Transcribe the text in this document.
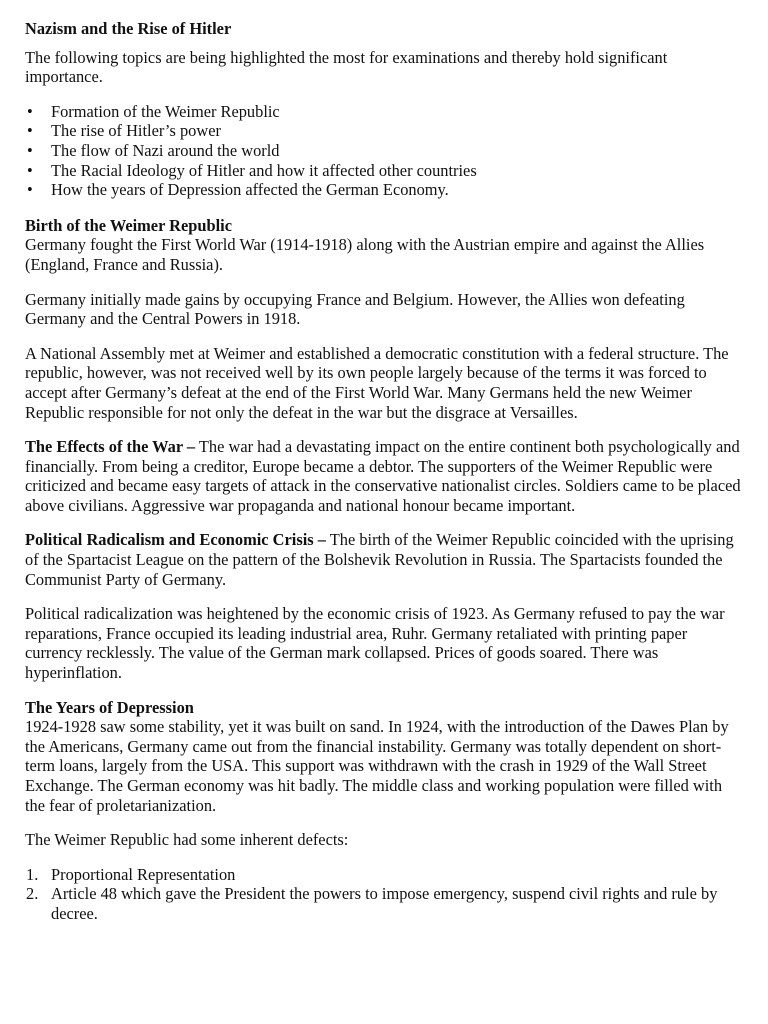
Nazism and the Rise of Hitler

The following topics are being highlighted the most for examinations and thereby hold significant importance.

• Formation of the Weimer Republic
• The rise of Hitler’s power
• The flow of Nazi around the world
• The Racial Ideology of Hitler and how it affected other countries
• How the years of Depression affected the German Economy.

Birth of the Weimer Republic
Germany fought the First World War (1914-1918) along with the Austrian empire and against the Allies (England, France and Russia).

Germany initially made gains by occupying France and Belgium. However, the Allies won defeating Germany and the Central Powers in 1918.

A National Assembly met at Weimer and established a democratic constitution with a federal structure. The republic, however, was not received well by its own people largely because of the terms it was forced to accept after Germany’s defeat at the end of the First World War. Many Germans held the new Weimer Republic responsible for not only the defeat in the war but the disgrace at Versailles.

The Effects of the War – The war had a devastating impact on the entire continent both psychologically and financially. From being a creditor, Europe became a debtor. The supporters of the Weimer Republic were criticized and became easy targets of attack in the conservative nationalist circles. Soldiers came to be placed above civilians. Aggressive war propaganda and national honour became important.

Political Radicalism and Economic Crisis – The birth of the Weimer Republic coincided with the uprising of the Spartacist League on the pattern of the Bolshevik Revolution in Russia. The Spartacists founded the Communist Party of Germany.

Political radicalization was heightened by the economic crisis of 1923. As Germany refused to pay the war reparations, France occupied its leading industrial area, Ruhr. Germany retaliated with printing paper currency recklessly. The value of the German mark collapsed. Prices of goods soared. There was hyperinflation.

The Years of Depression
1924-1928 saw some stability, yet it was built on sand. In 1924, with the introduction of the Dawes Plan by the Americans, Germany came out from the financial instability. Germany was totally dependent on short-term loans, largely from the USA. This support was withdrawn with the crash in 1929 of the Wall Street Exchange. The German economy was hit badly. The middle class and working population were filled with the fear of proletarianization.

The Weimer Republic had some inherent defects:

1. Proportional Representation
2. Article 48 which gave the President the powers to impose emergency, suspend civil rights and rule by decree.
